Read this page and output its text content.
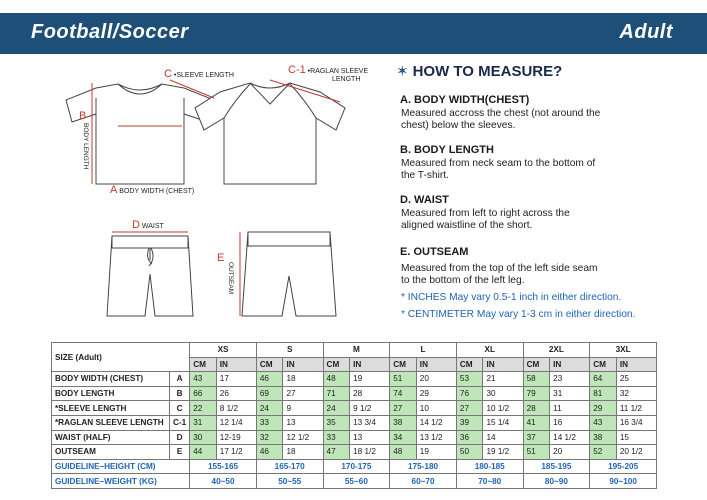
Football/Soccer	Adult
C •SLEEVE LENGTH	C-1 •RAGLAN SLEEVE
LENGTH
B
BODY LENGTH
A BODY WIDTH (CHEST)
D WAIST
E
OUTSEAM
✶ HOW TO MEASURE?
A. BODY WIDTH(CHEST)
Measured accross the chest (not around the chest) below the sleeves.
B. BODY LENGTH
Measured from neck seam to the bottom of the T-shirt.
D. WAIST
Measured from left to right across the aligned waistline of the short.
E. OUTSEAM
Measured from the top of the left side seam to the bottom of the left leg.
* INCHES May vary 0.5-1 inch in either direction.
* CENTIMETER May vary 1-3 cm in either direction.
SIZE (Adult)		XS		S		M		L		XL		2XL		3XL	
		CM	IN	CM	IN	CM	IN	CM	IN	CM	IN	CM	IN	CM	IN
BODY WIDTH (CHEST)	A	43	17	46	18	48	19	51	20	53	21	58	23	64	25
BODY LENGTH	B	66	26	69	27	71	28	74	29	76	30	79	31	81	32
*SLEEVE LENGTH	C	22	8 1/2	24	9	24	9 1/2	27	10	27	10 1/2	28	11	29	11 1/2
*RAGLAN SLEEVE LENGTH	C-1	31	12 1/4	33	13	35	13 3/4	38	14 1/2	39	15 1/4	41	16	43	16 3/4
WAIST (HALF)	D	30	12-19	32	12 1/2	33	13	34	13 1/2	36	14	37	14 1/2	38	15
OUTSEAM	E	44	17 1/2	46	18	47	18 1/2	48	19	50	19 1/2	51	20	52	20 1/2
GUIDELINE–HEIGHT (CM)		155-165		165-170		170-175		175-180		180-185		185-195		195-205	
GUIDELINE–WEIGHT (KG)		40~50		50~55		55~60		60~70		70~80		80~90		90~100	
